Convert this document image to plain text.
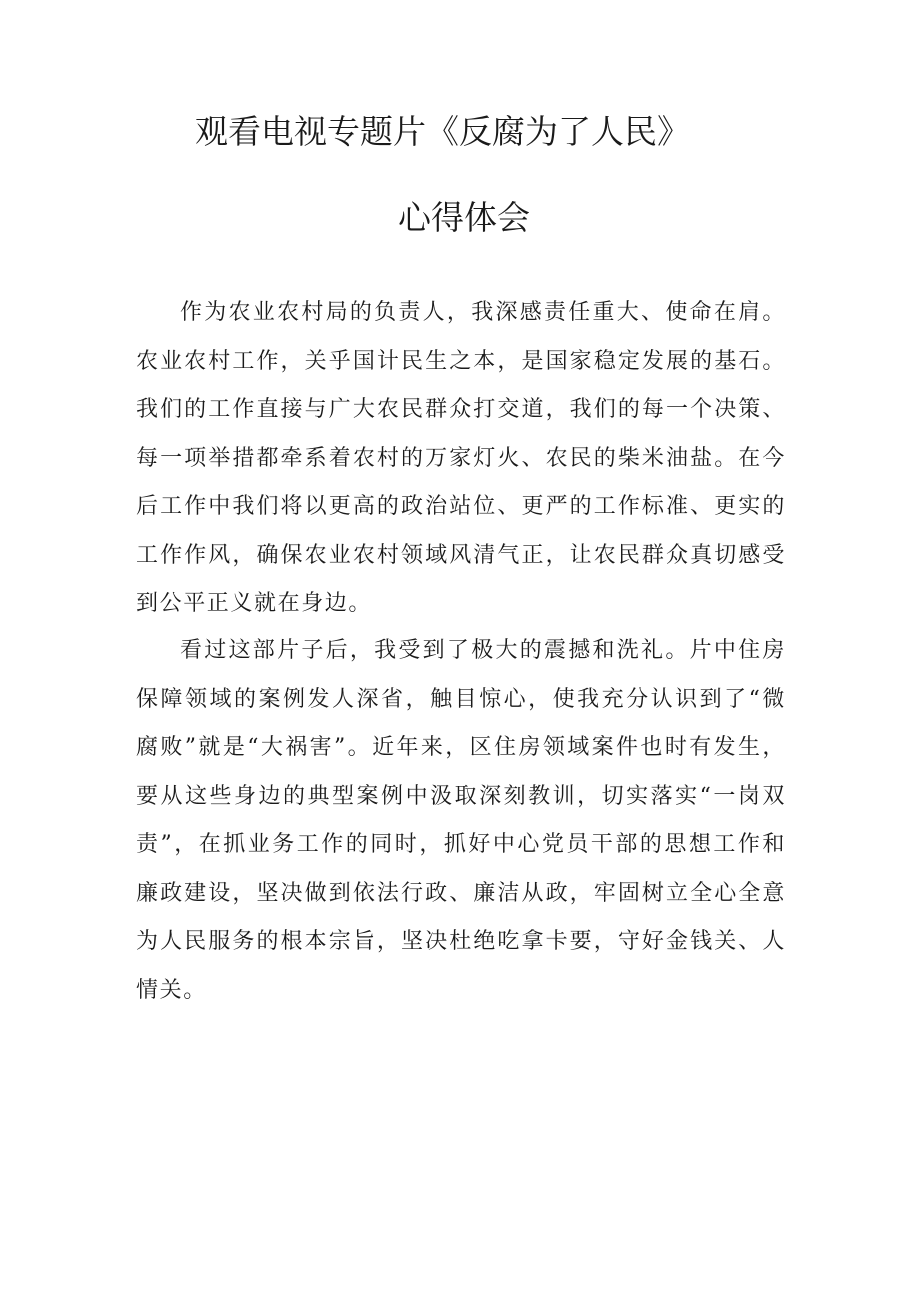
观看电视专题片《反腐为了人民》
心得体会

作为农业农村局的负责人，我深感责任重大、使命在肩。农业农村工作，关乎国计民生之本，是国家稳定发展的基石。我们的工作直接与广大农民群众打交道，我们的每一个决策、每一项举措都牵系着农村的万家灯火、农民的柴米油盐。在今后工作中我们将以更高的政治站位、更严的工作标准、更实的工作作风，确保农业农村领域风清气正，让农民群众真切感受到公平正义就在身边。

看过这部片子后，我受到了极大的震撼和洗礼。片中住房保障领域的案例发人深省，触目惊心，使我充分认识到了“微腐败”就是“大祸害”。近年来，区住房领域案件也时有发生，要从这些身边的典型案例中汲取深刻教训，切实落实“一岗双责”，在抓业务工作的同时，抓好中心党员干部的思想工作和廉政建设，坚决做到依法行政、廉洁从政，牢固树立全心全意为人民服务的根本宗旨，坚决杜绝吃拿卡要，守好金钱关、人情关。
